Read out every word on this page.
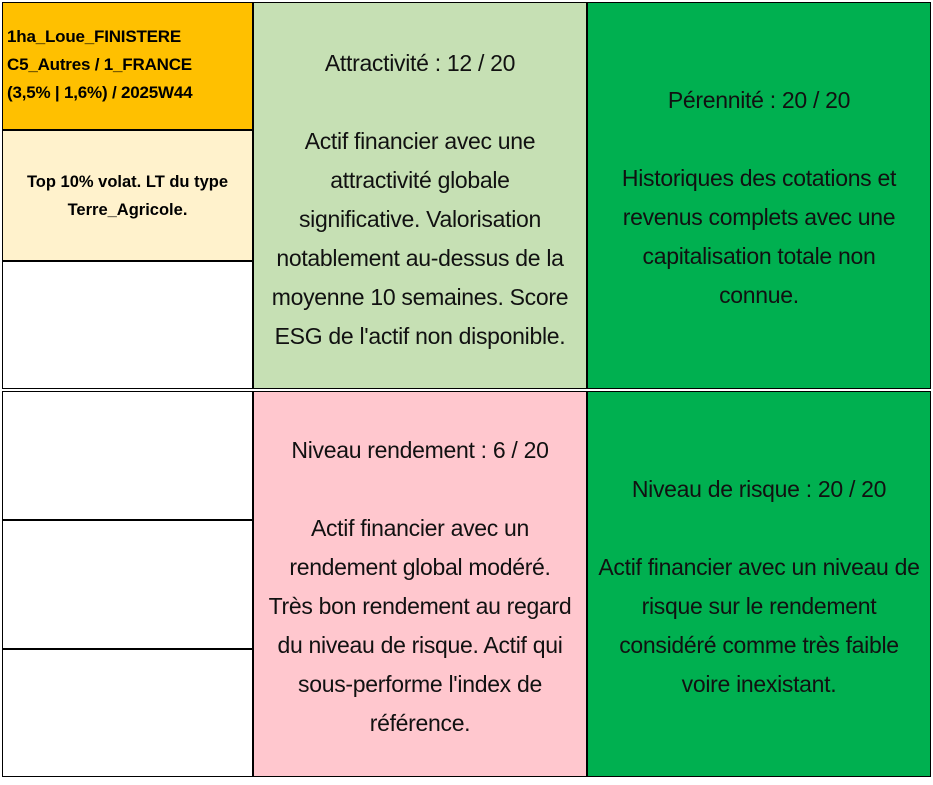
1ha_Loue_FINISTERE
C5_Autres / 1_FRANCE
(3,5% | 1,6%) / 2025W44
Top 10% volat. LT du type
Terre_Agricole.
Attractivité : 12 / 20
Actif financier avec une
attractivité globale
significative. Valorisation
notablement au-dessus de la
moyenne 10 semaines. Score
ESG de l'actif non disponible.
Pérennité : 20 / 20
Historiques des cotations et
revenus complets avec une
capitalisation totale non
connue.
Niveau rendement : 6 / 20
Actif financier avec un
rendement global modéré.
Très bon rendement au regard
du niveau de risque. Actif qui
sous-performe l'index de
référence.
Niveau de risque : 20 / 20
Actif financier avec un niveau de
risque sur le rendement
considéré comme très faible
voire inexistant.
